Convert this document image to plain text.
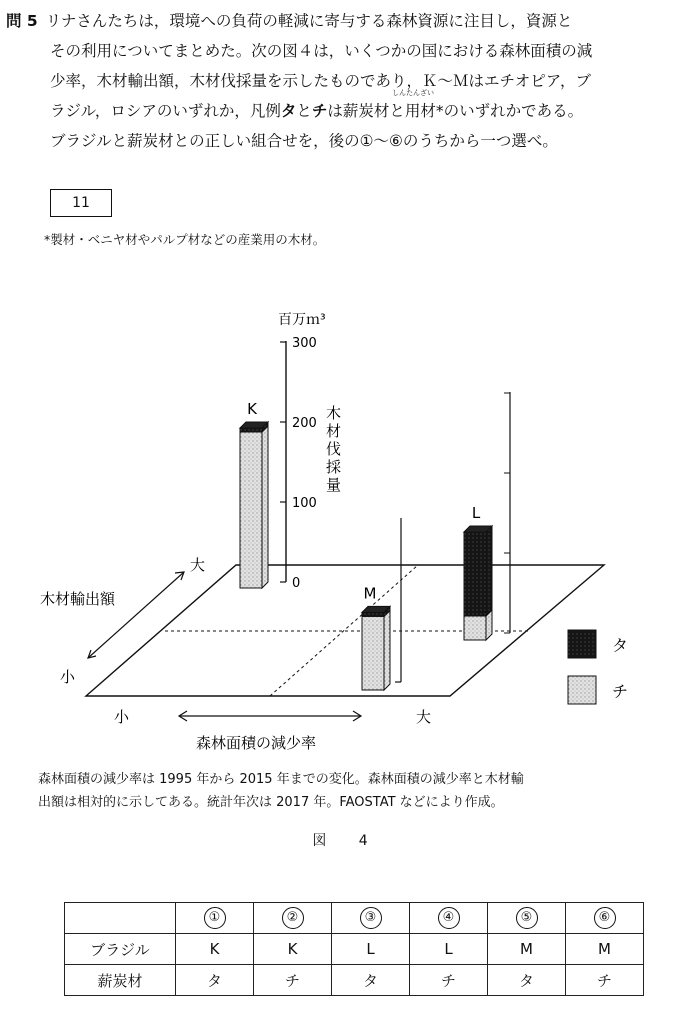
問 5 リナさんたちは，環境への負荷の軽減に寄与する森林資源に注目し，資源と
その利用についてまとめた。次の図４は，いくつかの国における森林面積の減
少率，木材輸出額，木材伐採量を示したものであり，Ｋ～Ｍはエチオピア，ブ
ラジル，ロシアのいずれか，凡例タとチは薪炭材と用材*のいずれかである。
しんたんざい
ブラジルと薪炭材との正しい組合せを，後の①～⑥のうちから一つ選べ。
11
*製材・ベニヤ材やパルプ材などの産業用の木材。
0
100
200
300
百万ｍ³
木材伐採量
K
L
M
小	大
森林面積の減少率
大
小
木材輸出額
タ
チ
森林面積の減少率は 1995 年から 2015 年までの変化。森林面積の減少率と木材輸
出額は相対的に示してある。統計年次は 2017 年。FAOSTAT などにより作成。
図 4
	①	②	③	④	⑤	⑥
ブラジル	K	K	L	L	M	M
薪炭材	タ	チ	タ	チ	タ	チ
